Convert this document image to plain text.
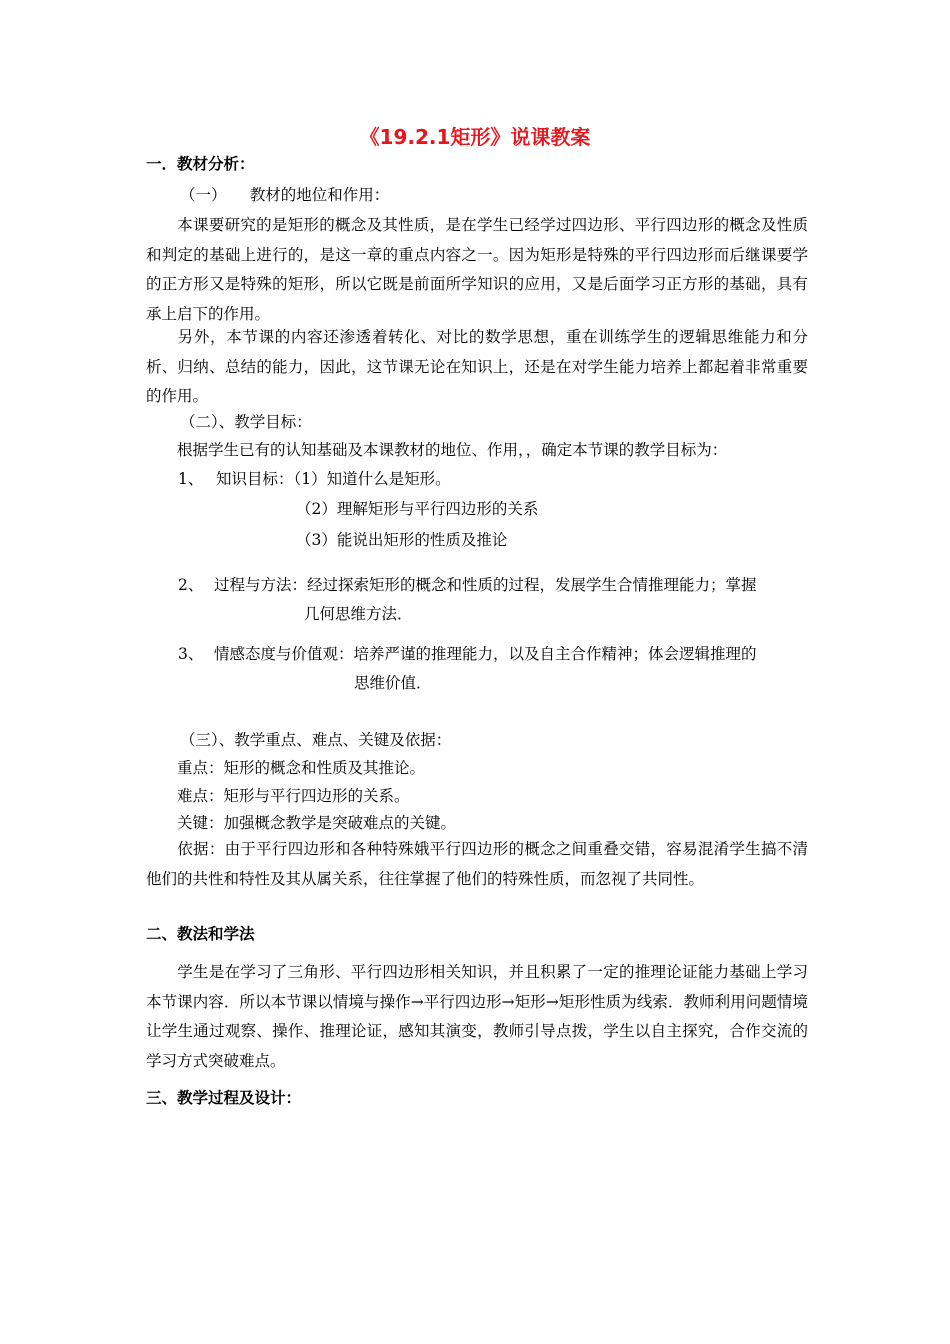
《19.2.1矩形》说课教案
一．教材分析：
（一）　　教材的地位和作用：
本课要研究的是矩形的概念及其性质，是在学生已经学过四边形、平行四边形的概念及性质和判定的基础上进行的，是这一章的重点内容之一。因为矩形是特殊的平行四边形而后继课要学的正方形又是特殊的矩形，所以它既是前面所学知识的应用，又是后面学习正方形的基础，具有承上启下的作用。
另外，本节课的内容还渗透着转化、对比的数学思想，重在训练学生的逻辑思维能力和分析、归纳、总结的能力，因此，这节课无论在知识上，还是在对学生能力培养上都起着非常重要的作用。
（二）、教学目标：
根据学生已有的认知基础及本课教材的地位、作用，，确定本节课的教学目标为：
1、 知识目标：（1）知道什么是矩形。
（2）理解矩形与平行四边形的关系
（3）能说出矩形的性质及推论
2、 过程与方法：经过探索矩形的概念和性质的过程，发展学生合情推理能力；掌握
几何思维方法．
3、 情感态度与价值观：培养严谨的推理能力，以及自主合作精神；体会逻辑推理的
思维价值．
（三）、教学重点、难点、关键及依据：
重点：矩形的概念和性质及其推论。
难点：矩形与平行四边形的关系。
关键：加强概念教学是突破难点的关键。
依据：由于平行四边形和各种特殊娥平行四边形的概念之间重叠交错，容易混淆学生搞不清他们的共性和特性及其从属关系，往往掌握了他们的特殊性质，而忽视了共同性。
二、教法和学法
学生是在学习了三角形、平行四边形相关知识，并且积累了一定的推理论证能力基础上学习本节课内容．所以本节课以情境与操作→平行四边形→矩形→矩形性质为线索．教师利用问题情境让学生通过观察、操作、推理论证，感知其演变，教师引导点拨，学生以自主探究，合作交流的学习方式突破难点。
三、教学过程及设计：
